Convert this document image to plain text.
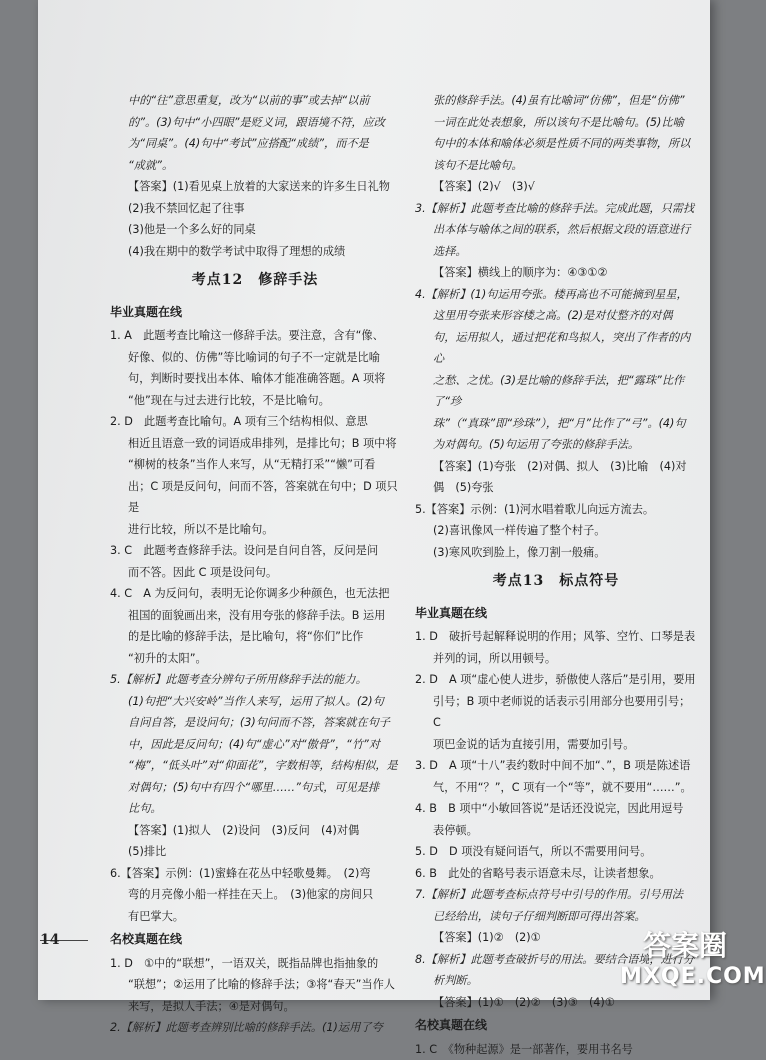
中的“往”意思重复，改为“以前的事”或去掉“以前

的”。(3)句中“小四眼”是贬义词，跟语境不符，应改

为“同桌”。(4)句中“考试”应搭配“成绩”，而不是

“成就”。

【答案】(1)看见桌上放着的大家送来的许多生日礼物

(2)我不禁回忆起了往事

(3)他是一个多么好的同桌

(4)我在期中的数学考试中取得了理想的成绩

考点12　修辞手法
毕业真题在线

1. A　此题考查比喻这一修辞手法。要注意，含有“像、

好像、似的、仿佛”等比喻词的句子不一定就是比喻

句，判断时要找出本体、喻体才能准确答题。A 项将

“他”现在与过去进行比较，不是比喻句。

2. D　此题考查比喻句。A 项有三个结构相似、意思

相近且语意一致的词语成串排列，是排比句；B 项中将

“柳树的枝条”当作人来写，从“无精打采”“懒”可看

出；C 项是反问句，问而不答，答案就在句中；D 项只是

进行比较，所以不是比喻句。

3. C　此题考查修辞手法。设问是自问自答，反问是问

而不答。因此 C 项是设问句。

4. C　A 为反问句，表明无论你调多少种颜色，也无法把

祖国的面貌画出来，没有用夸张的修辞手法。B 运用

的是比喻的修辞手法，是比喻句，将“你们”比作

“初升的太阳”。

5.【解析】此题考查分辨句子所用修辞手法的能力。

(1)句把“大兴安岭”当作人来写，运用了拟人。(2)句

自问自答，是设问句；(3)句问而不答，答案就在句子

中，因此是反问句；(4)句“虚心”对“傲骨”，“竹”对

“梅”，“低头叶”对“仰面花”，字数相等，结构相似，是

对偶句；(5)句中有四个“哪里……”句式，可见是排

比句。

【答案】(1)拟人　(2)设问　(3)反问　(4)对偶

(5)排比

6.【答案】示例：(1)蜜蜂在花丛中轻歌曼舞。　(2)弯

弯的月亮像小船一样挂在天上。　(3)他家的房间只

有巴掌大。

名校真题在线

1. D　①中的“联想”，一语双关，既指品牌也指抽象的

“联想”；②运用了比喻的修辞手法；③将“春天”当作人

来写，是拟人手法；④是对偶句。

2.【解析】此题考查辨别比喻的修辞手法。(1)运用了夸

张的修辞手法。(4)虽有比喻词“仿佛”，但是“仿佛”

一词在此处表想象，所以该句不是比喻句。(5)比喻

句中的本体和喻体必须是性质不同的两类事物，所以

该句不是比喻句。

【答案】(2)√　(3)√

3.【解析】此题考查比喻的修辞手法。完成此题，只需找

出本体与喻体之间的联系，然后根据文段的语意进行

选择。

【答案】横线上的顺序为：④③①②

4.【解析】(1)句运用夸张。楼再高也不可能摘到星星，

这里用夸张来形容楼之高。(2)是对仗整齐的对偶

句，运用拟人，通过把花和鸟拟人，突出了作者的内心

之愁、之忧。(3)是比喻的修辞手法，把“露珠”比作了“珍

珠”（“真珠”即“珍珠”），把“月”比作了“弓”。(4)句

为对偶句。(5)句运用了夸张的修辞手法。

【答案】(1)夸张　(2)对偶、拟人　(3)比喻　(4)对

偶　(5)夸张

5.【答案】示例：(1)河水唱着歌儿向远方流去。

(2)喜讯像风一样传遍了整个村子。

(3)寒风吹到脸上，像刀割一般痛。

考点13　标点符号
毕业真题在线

1. D　破折号起解释说明的作用；风筝、空竹、口琴是表

并列的词，所以用顿号。

2. D　A 项“虚心使人进步，骄傲使人落后”是引用，要用

引号；B 项中老师说的话表示引用部分也要用引号；C

项巴金说的话为直接引用，需要加引号。

3. D　A 项“十八”表约数时中间不加“、”，B 项是陈述语

气，不用“？”，C 项有一个“等”，就不要用“……”。

4. B　B 项中“小敏回答说”是话还没说完，因此用逗号

表停顿。

5. D　D 项没有疑问语气，所以不需要用问号。

6. B　此处的省略号表示语意未尽，让读者想象。

7.【解析】此题考查标点符号中引号的作用。引号用法

已经给出，读句子仔细判断即可得出答案。

【答案】(1)②　(2)①

8.【解析】此题考查破折号的用法。要结合语境，进行分

析判断。

【答案】(1)①　(2)②　(3)③　(4)①

名校真题在线

1. C　《物种起源》是一部著作，要用书名号

14	答案圈
MXQE.COM
